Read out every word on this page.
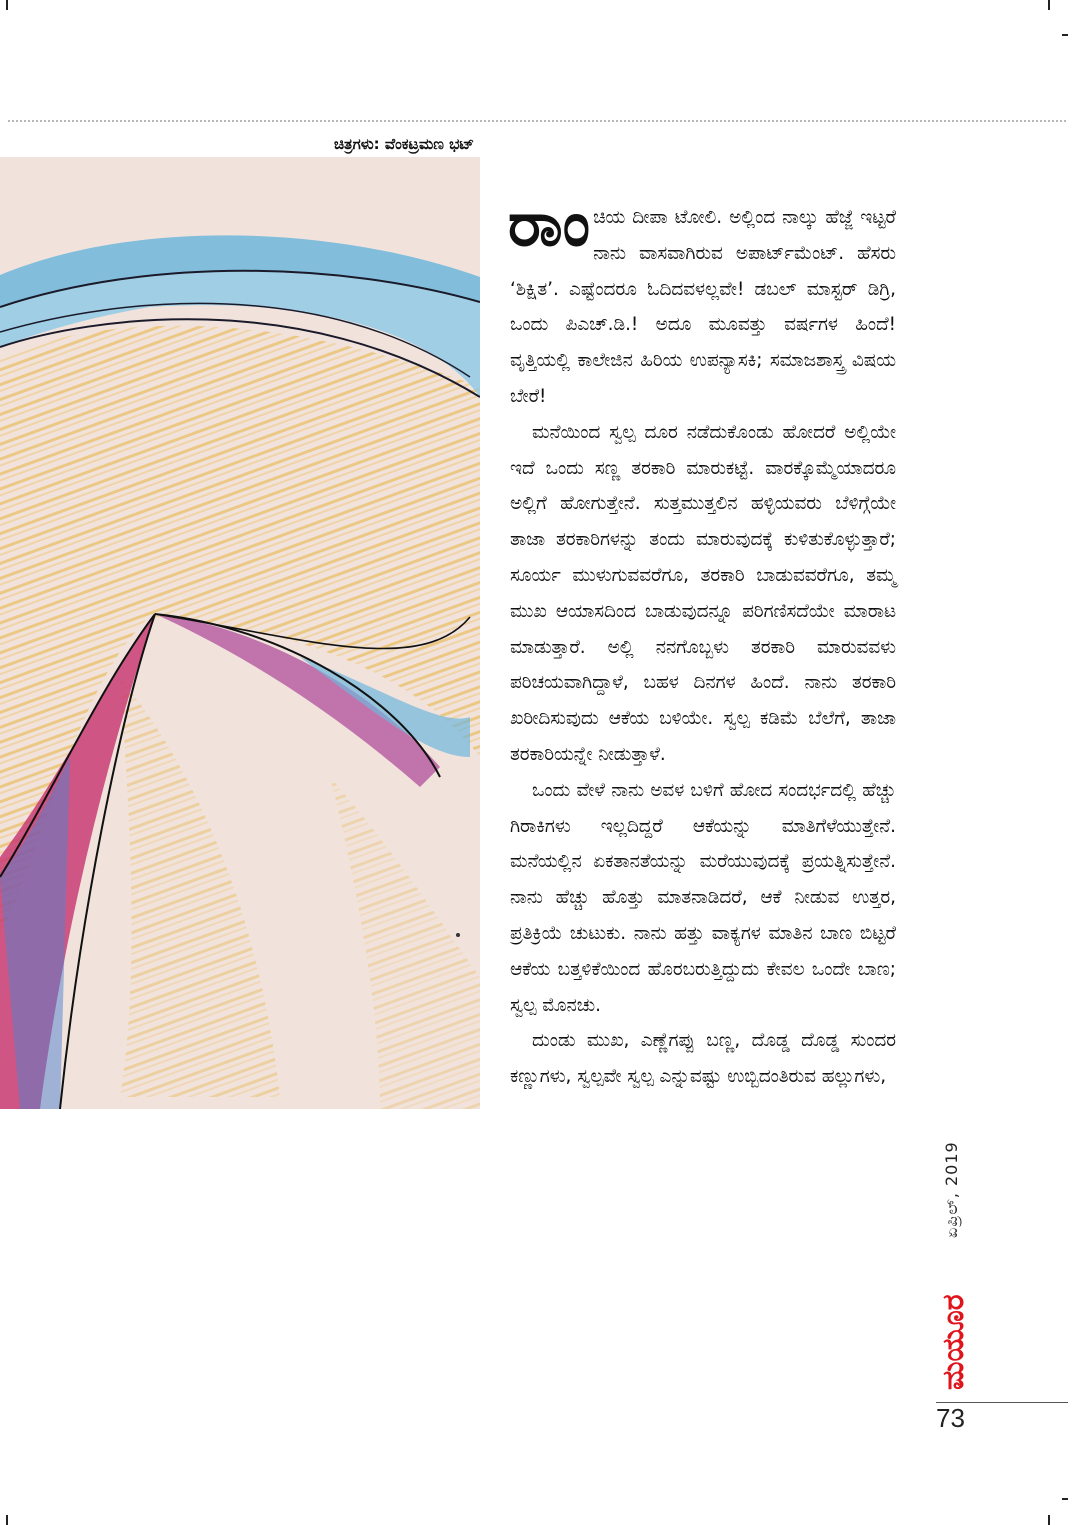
ಚಿತ್ರಗಳು: ವೆಂಕಟ್ರಮಣ ಭಟ್

ರಾಂಚಿಯ ದೀಪಾ ಟೋಲಿ. ಅಲ್ಲಿಂದ ನಾಲ್ಕು ಹೆಜ್ಜೆ ಇಟ್ಟರೆ ನಾನು ವಾಸವಾಗಿರುವ ಅಪಾರ್ಟ್‌ಮೆಂಟ್. ಹೆಸರು ‘ಶಿಕ್ಷಿತ’. ಎಷ್ಟೆಂದರೂ ಓದಿದವಳಲ್ಲವೇ! ಡಬಲ್ ಮಾಸ್ಟರ್ ಡಿಗ್ರಿ, ಒಂದು ಪಿಎಚ್.ಡಿ.! ಅದೂ ಮೂವತ್ತು ವರ್ಷಗಳ ಹಿಂದೆ! ವೃತ್ತಿಯಲ್ಲಿ ಕಾಲೇಜಿನ ಹಿರಿಯ ಉಪನ್ಯಾಸಕಿ; ಸಮಾಜಶಾಸ್ತ್ರ ವಿಷಯ ಬೇರೆ!

ಮನೆಯಿಂದ ಸ್ವಲ್ಪ ದೂರ ನಡೆದುಕೊಂಡು ಹೋದರೆ ಅಲ್ಲಿಯೇ ಇದೆ ಒಂದು ಸಣ್ಣ ತರಕಾರಿ ಮಾರುಕಟ್ಟೆ. ವಾರಕ್ಕೊಮ್ಮೆಯಾದರೂ ಅಲ್ಲಿಗೆ ಹೋಗುತ್ತೇನೆ. ಸುತ್ತಮುತ್ತಲಿನ ಹಳ್ಳಿಯವರು ಬೆಳಿಗ್ಗೆಯೇ ತಾಜಾ ತರಕಾರಿಗಳನ್ನು ತಂದು ಮಾರುವುದಕ್ಕೆ ಕುಳಿತುಕೊಳ್ಳುತ್ತಾರೆ; ಸೂರ್ಯ ಮುಳುಗುವವರೆಗೂ, ತರಕಾರಿ ಬಾಡುವವರೆಗೂ, ತಮ್ಮ ಮುಖ ಆಯಾಸದಿಂದ ಬಾಡುವುದನ್ನೂ ಪರಿಗಣಿಸದೆಯೇ ಮಾರಾಟ ಮಾಡುತ್ತಾರೆ. ಅಲ್ಲಿ ನನಗೊಬ್ಬಳು ತರಕಾರಿ ಮಾರುವವಳು ಪರಿಚಯವಾಗಿದ್ದಾಳೆ, ಬಹಳ ದಿನಗಳ ಹಿಂದೆ. ನಾನು ತರಕಾರಿ ಖರೀದಿಸುವುದು ಆಕೆಯ ಬಳಿಯೇ. ಸ್ವಲ್ಪ ಕಡಿಮೆ ಬೆಲೆಗೆ, ತಾಜಾ ತರಕಾರಿಯನ್ನೇ ನೀಡುತ್ತಾಳೆ.

ಒಂದು ವೇಳೆ ನಾನು ಅವಳ ಬಳಿಗೆ ಹೋದ ಸಂದರ್ಭದಲ್ಲಿ ಹೆಚ್ಚು ಗಿರಾಕಿಗಳು ಇಲ್ಲದಿದ್ದರೆ ಆಕೆಯನ್ನು ಮಾತಿಗೆಳೆಯುತ್ತೇನೆ. ಮನೆಯಲ್ಲಿನ ಏಕತಾನತೆಯನ್ನು ಮರೆಯುವುದಕ್ಕೆ ಪ್ರಯತ್ನಿಸುತ್ತೇನೆ. ನಾನು ಹೆಚ್ಚು ಹೊತ್ತು ಮಾತನಾಡಿದರೆ, ಆಕೆ ನೀಡುವ ಉತ್ತರ, ಪ್ರತಿಕ್ರಿಯೆ ಚುಟುಕು. ನಾನು ಹತ್ತು ವಾಕ್ಯಗಳ ಮಾತಿನ ಬಾಣ ಬಿಟ್ಟರೆ ಆಕೆಯ ಬತ್ತಳಿಕೆಯಿಂದ ಹೊರಬರುತ್ತಿದ್ದುದು ಕೇವಲ ಒಂದೇ ಬಾಣ; ಸ್ವಲ್ಪ ಮೊನಚು.

ದುಂಡು ಮುಖ, ಎಣ್ಣೆಗಪ್ಪು ಬಣ್ಣ, ದೊಡ್ಡ ದೊಡ್ಡ ಸುಂದರ ಕಣ್ಣುಗಳು, ಸ್ವಲ್ಪವೇ ಸ್ವಲ್ಪ ಎನ್ನುವಷ್ಟು ಉಬ್ಬಿದಂತಿರುವ ಹಲ್ಲುಗಳು,

ಏಪ್ರಿಲ್, 2019
ಮಯೂರ
73
